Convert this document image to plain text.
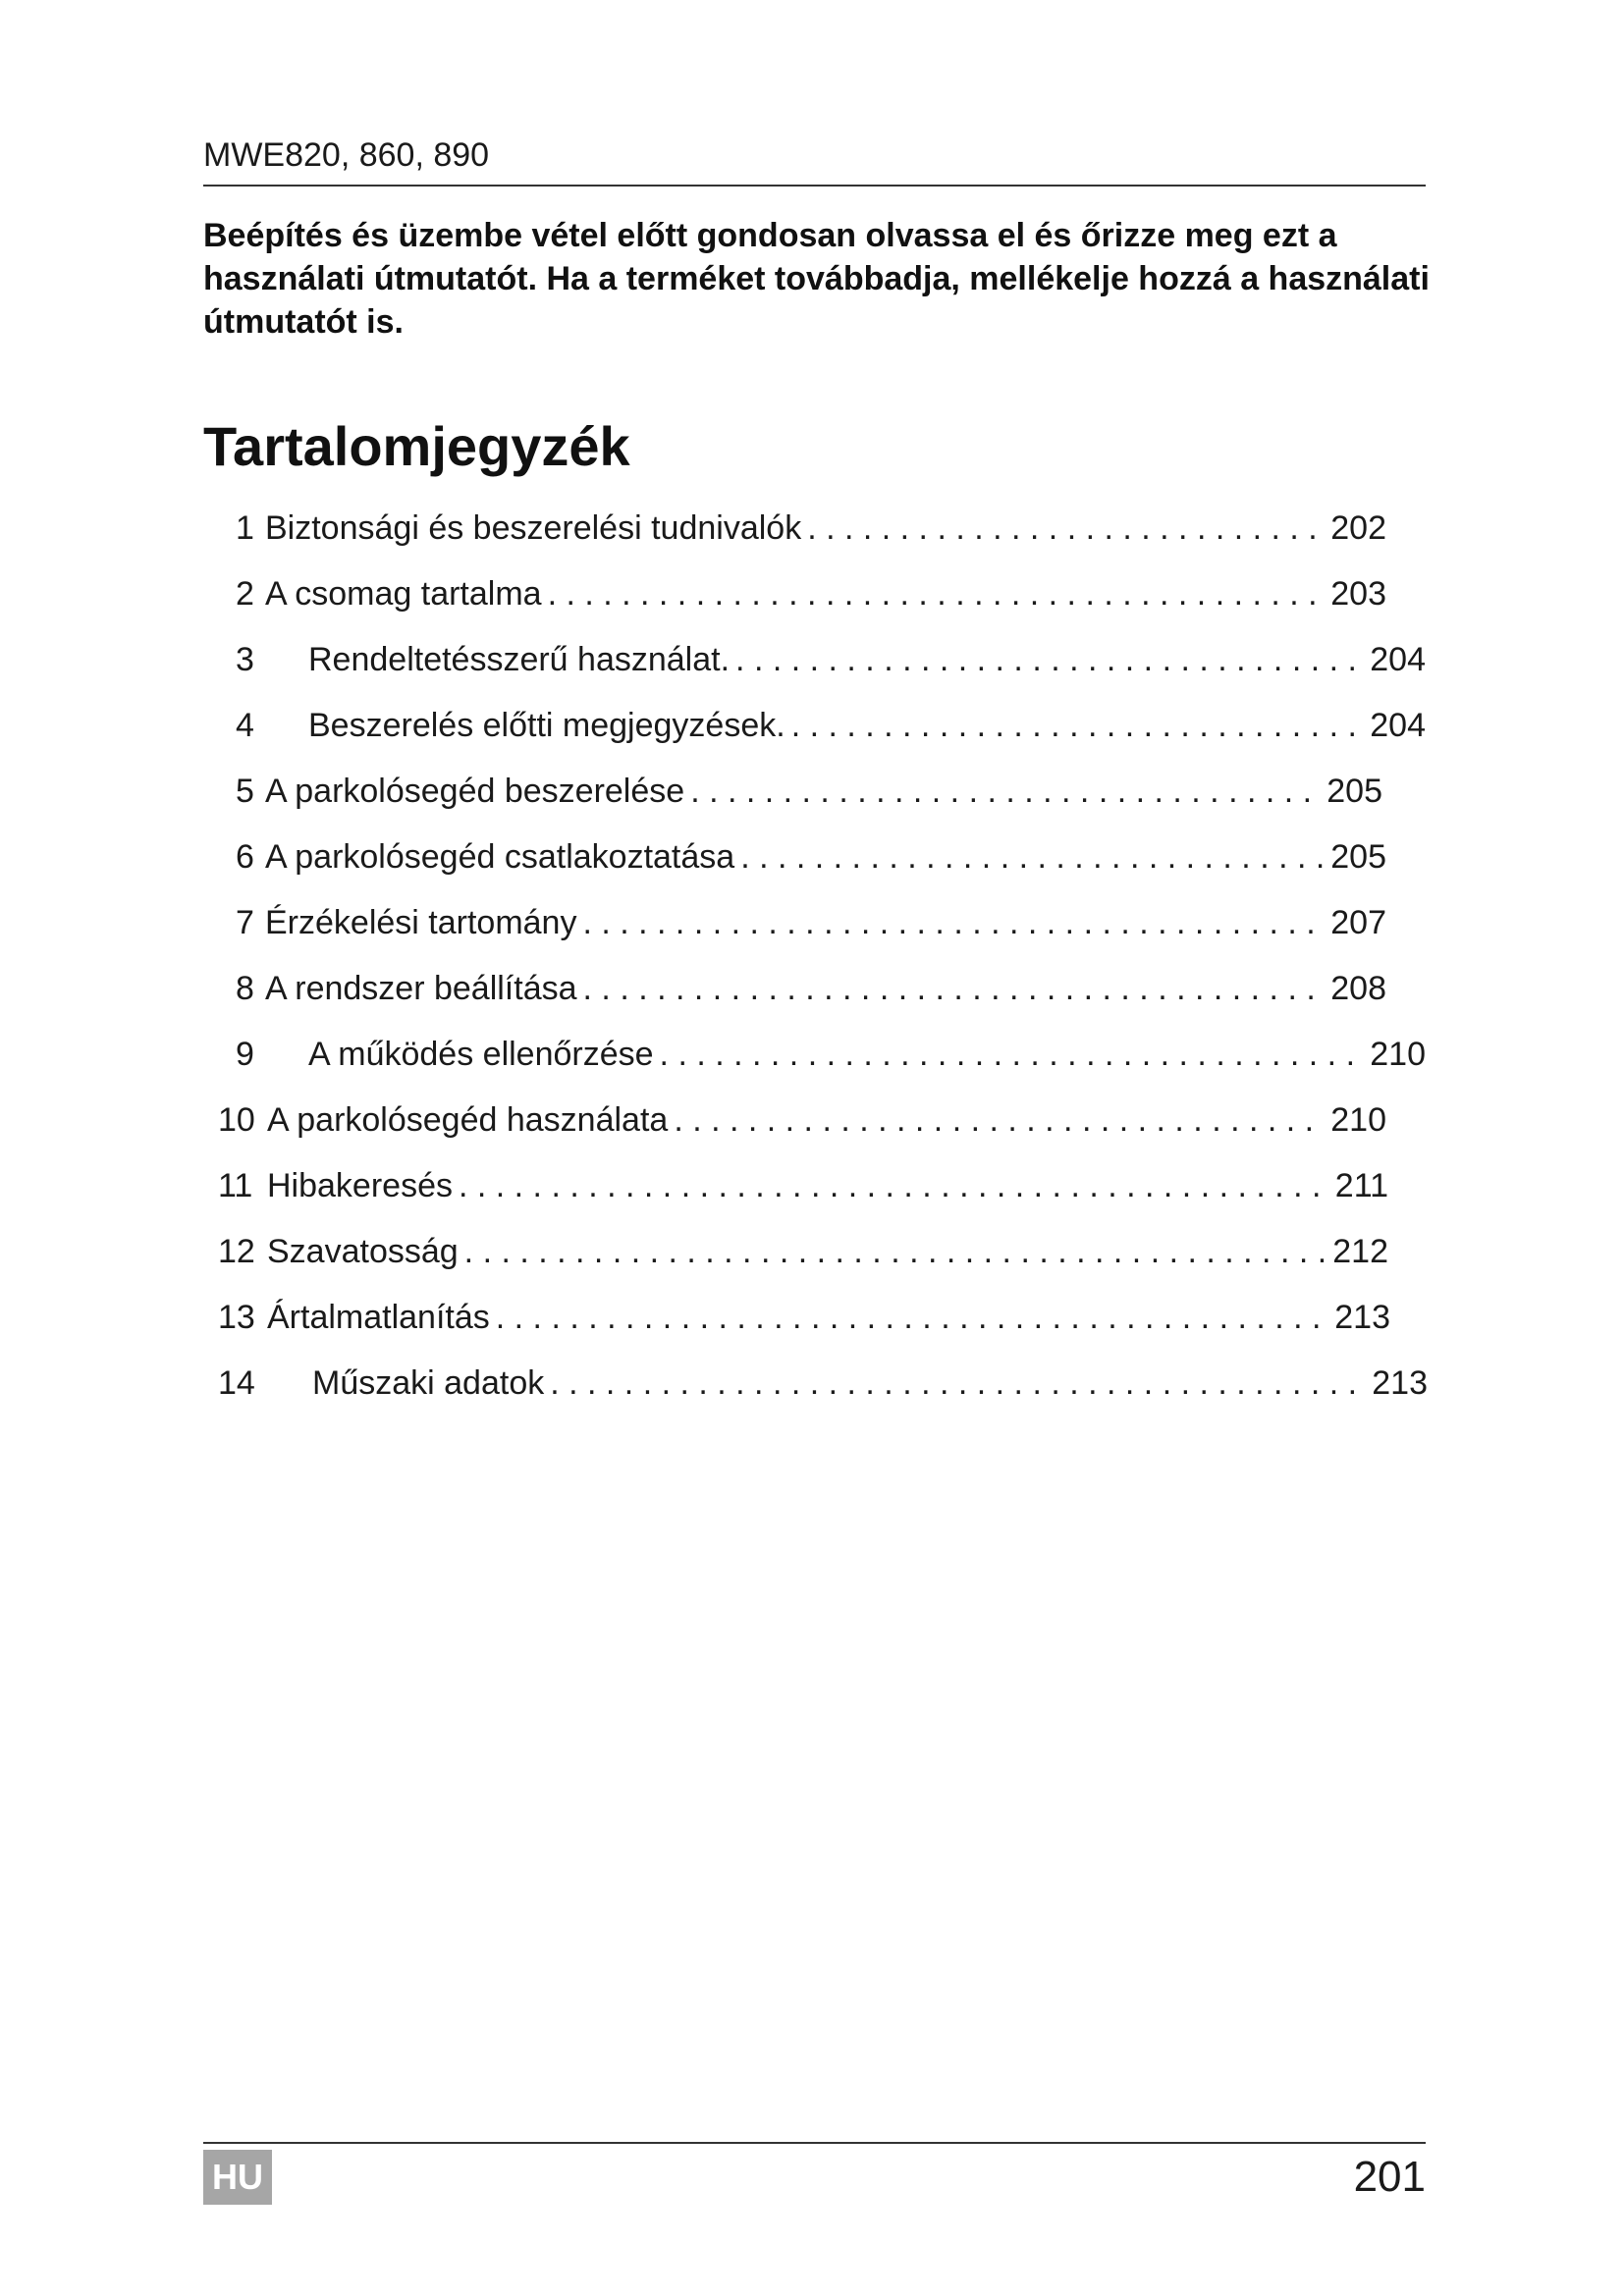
MWE820, 860, 890
Beépítés és üzembe vétel előtt gondosan olvassa el és őrizze meg ezt a használati útmutatót. Ha a terméket továbbadja, mellékelje hozzá a használati útmutatót is.
Tartalomjegyzék
1 Biztonsági és beszerelési tudnivalók . . .	202
2 A csomag tartalma . . .	203
3	Rendeltetésszerű használat. . . .	204
4	Beszerelés előtti megjegyzések. . . .	204
5 A parkolósegéd beszerelése . . .	205
6 A parkolósegéd csatlakoztatása . . .	205
7 Érzékelési tartomány . . .	207
8 A rendszer beállítása . . .	208
9	A működés ellenőrzése . . .	210
10 A parkolósegéd használata . . .	210
11 Hibakeresés . . .	211
12 Szavatosság . . .	212
13 Ártalmatlanítás . . .	213
14	Műszaki adatok . . .	213
HU	201
